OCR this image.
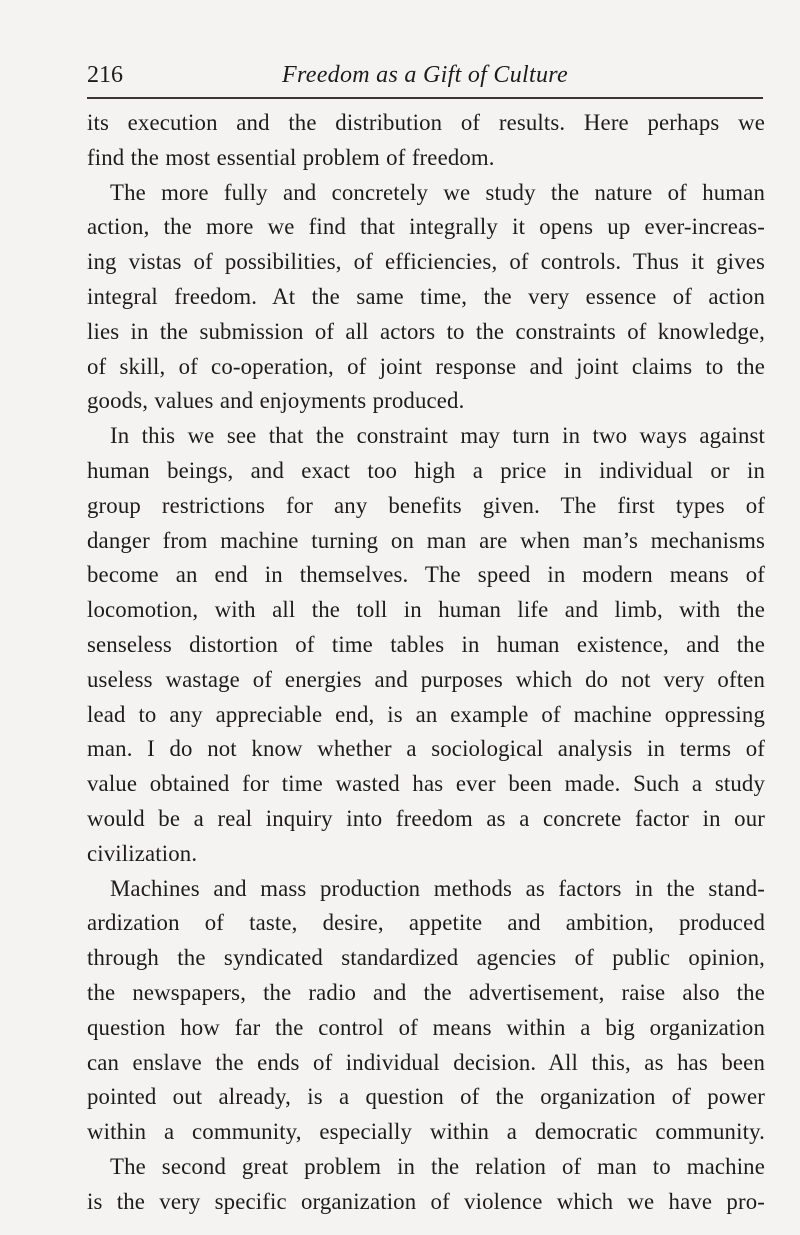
216	Freedom as a Gift of Culture
its execution and the distribution of results. Here perhaps we
find the most essential problem of freedom.
The more fully and concretely we study the nature of human
action, the more we find that integrally it opens up ever-increas-
ing vistas of possibilities, of efficiencies, of controls. Thus it gives
integral freedom. At the same time, the very essence of action
lies in the submission of all actors to the constraints of knowledge,
of skill, of co-operation, of joint response and joint claims to the
goods, values and enjoyments produced.
In this we see that the constraint may turn in two ways against
human beings, and exact too high a price in individual or in
group restrictions for any benefits given. The first types of
danger from machine turning on man are when man’s mechanisms
become an end in themselves. The speed in modern means of
locomotion, with all the toll in human life and limb, with the
senseless distortion of time tables in human existence, and the
useless wastage of energies and purposes which do not very often
lead to any appreciable end, is an example of machine oppressing
man. I do not know whether a sociological analysis in terms of
value obtained for time wasted has ever been made. Such a study
would be a real inquiry into freedom as a concrete factor in our
civilization.
Machines and mass production methods as factors in the stand-
ardization of taste, desire, appetite and ambition, produced
through the syndicated standardized agencies of public opinion,
the newspapers, the radio and the advertisement, raise also the
question how far the control of means within a big organization
can enslave the ends of individual decision. All this, as has been
pointed out already, is a question of the organization of power
within a community, especially within a democratic community.
The second great problem in the relation of man to machine
is the very specific organization of violence which we have pro-
